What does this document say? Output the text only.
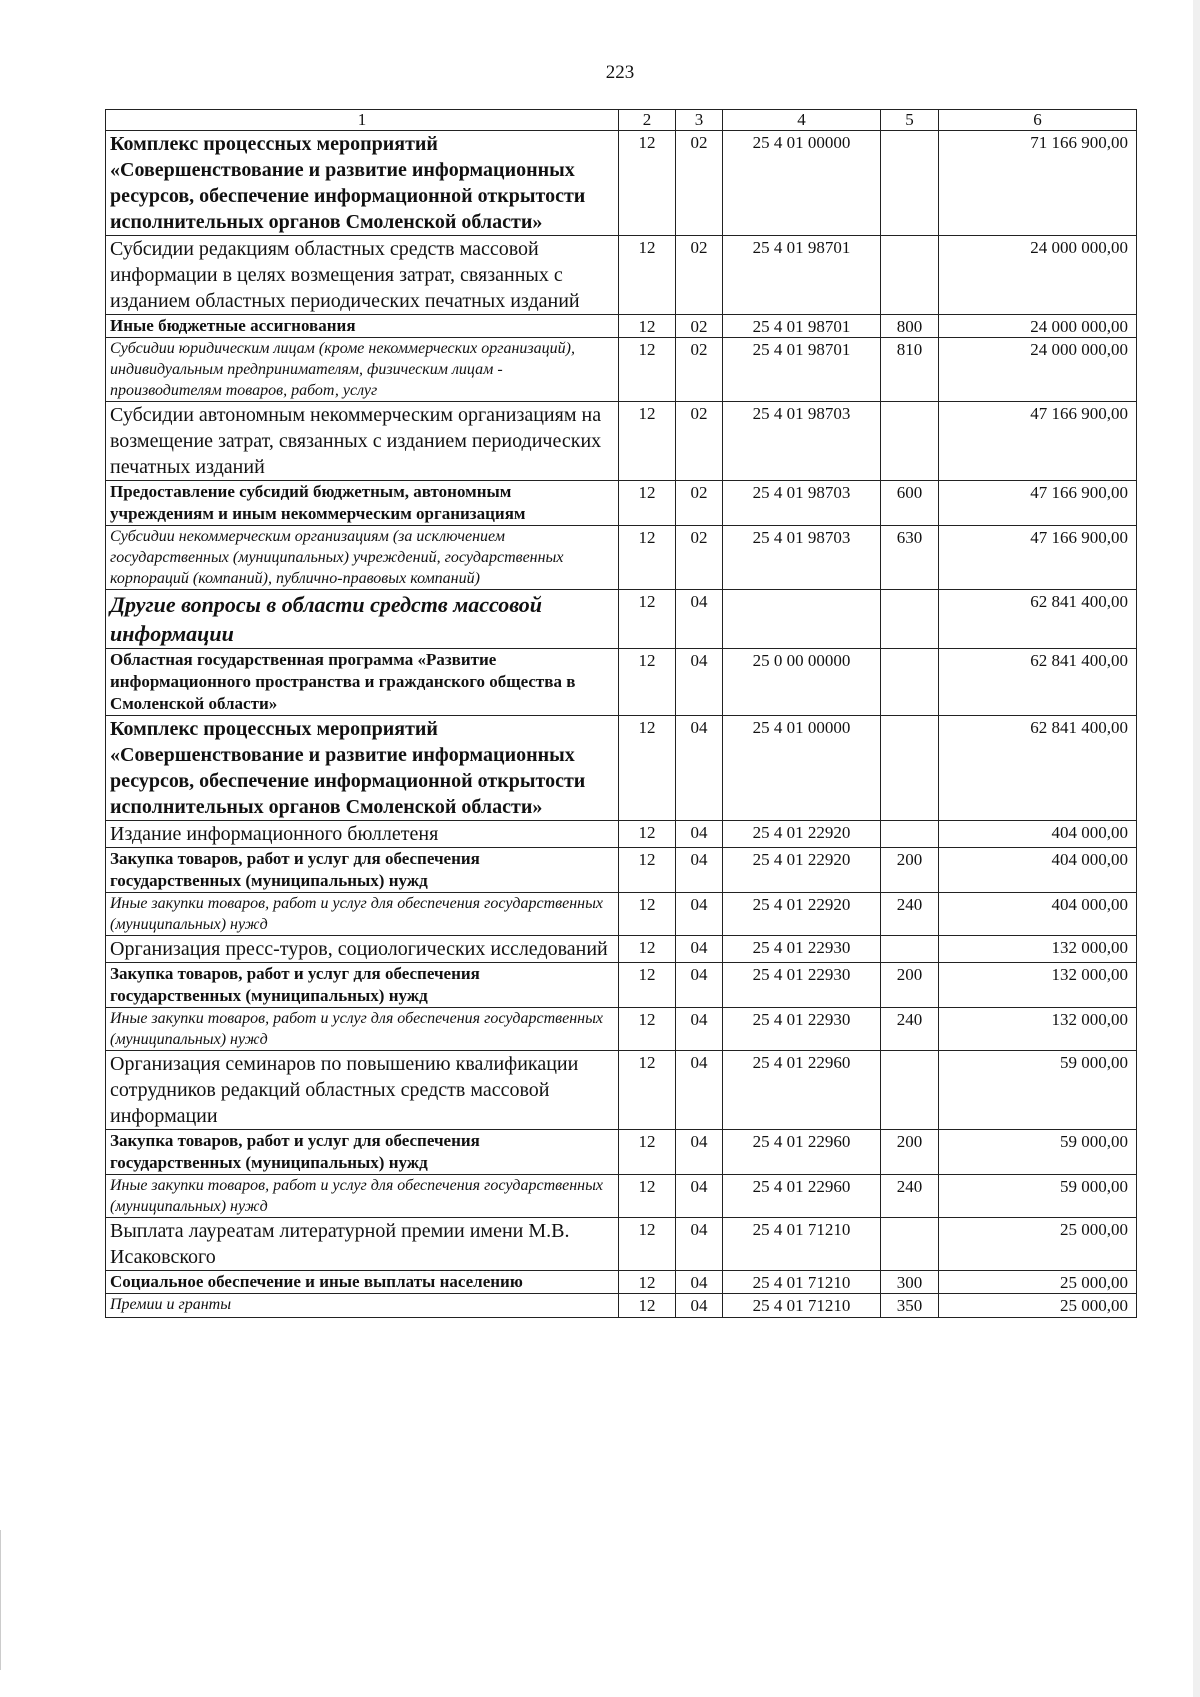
223
1	2	3	4	5	6
Комплекс процессных мероприятий «Совершенствование и развитие информационных ресурсов, обеспечение информационной открытости исполнительных органов Смоленской области»	12	02	25 4 01 00000		71 166 900,00
Субсидии редакциям областных средств массовой информации в целях возмещения затрат, связанных с изданием областных периодических печатных изданий	12	02	25 4 01 98701		24 000 000,00
Иные бюджетные ассигнования	12	02	25 4 01 98701	800	24 000 000,00
Субсидии юридическим лицам (кроме некоммерческих организаций), индивидуальным предпринимателям, физическим лицам - производителям товаров, работ, услуг	12	02	25 4 01 98701	810	24 000 000,00
Субсидии автономным некоммерческим организациям на возмещение затрат, связанных с изданием периодических печатных изданий	12	02	25 4 01 98703		47 166 900,00
Предоставление субсидий бюджетным, автономным учреждениям и иным некоммерческим организациям	12	02	25 4 01 98703	600	47 166 900,00
Субсидии некоммерческим организациям (за исключением государственных (муниципальных) учреждений, государственных корпораций (компаний), публично-правовых компаний)	12	02	25 4 01 98703	630	47 166 900,00
Другие вопросы в области средств массовой информации	12	04			62 841 400,00
Областная государственная программа «Развитие информационного пространства и гражданского общества в Смоленской области»	12	04	25 0 00 00000		62 841 400,00
Комплекс процессных мероприятий «Совершенствование и развитие информационных ресурсов, обеспечение информационной открытости исполнительных органов Смоленской области»	12	04	25 4 01 00000		62 841 400,00
Издание информационного бюллетеня	12	04	25 4 01 22920		404 000,00
Закупка товаров, работ и услуг для обеспечения государственных (муниципальных) нужд	12	04	25 4 01 22920	200	404 000,00
Иные закупки товаров, работ и услуг для обеспечения государственных (муниципальных) нужд	12	04	25 4 01 22920	240	404 000,00
Организация пресс-туров, социологических исследований	12	04	25 4 01 22930		132 000,00
Закупка товаров, работ и услуг для обеспечения государственных (муниципальных) нужд	12	04	25 4 01 22930	200	132 000,00
Иные закупки товаров, работ и услуг для обеспечения государственных (муниципальных) нужд	12	04	25 4 01 22930	240	132 000,00
Организация семинаров по повышению квалификации сотрудников редакций областных средств массовой информации	12	04	25 4 01 22960		59 000,00
Закупка товаров, работ и услуг для обеспечения государственных (муниципальных) нужд	12	04	25 4 01 22960	200	59 000,00
Иные закупки товаров, работ и услуг для обеспечения государственных (муниципальных) нужд	12	04	25 4 01 22960	240	59 000,00
Выплата лауреатам литературной премии имени М.В. Исаковского	12	04	25 4 01 71210		25 000,00
Социальное обеспечение и иные выплаты населению	12	04	25 4 01 71210	300	25 000,00
Премии и гранты	12	04	25 4 01 71210	350	25 000,00
